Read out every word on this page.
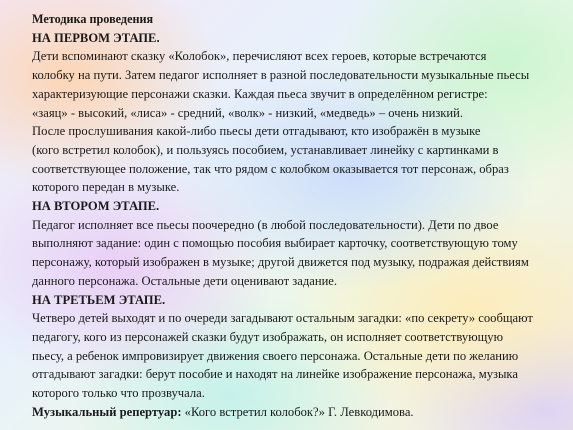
Методика проведения
НА ПЕРВОМ ЭТАПЕ.
Дети вспоминают сказку «Колобок», перечисляют всех героев, которые встречаются
колобку на пути. Затем педагог исполняет в разной последовательности музыкальные пьесы
характеризующие персонажи сказки. Каждая пьеса звучит в определённом регистре:
«заяц» - высокий, «лиса» - средний, «волк» - низкий, «медведь» – очень низкий.
После прослушивания какой-либо пьесы дети отгадывают, кто изображён в музыке
(кого встретил колобок), и пользуясь пособием, устанавливает линейку с картинками в
соответствующее положение, так что рядом с колобком оказывается тот персонаж, образ
которого передан в музыке.
НА ВТОРОМ ЭТАПЕ.
Педагог исполняет все пьесы поочередно (в любой последовательности). Дети по двое
выполняют задание: один с помощью пособия выбирает карточку, соответствующую тому
персонажу, который изображен в музыке; другой движется под музыку, подражая действиям
данного персонажа. Остальные дети оценивают задание.
НА ТРЕТЬЕМ ЭТАПЕ.
Четверо детей выходят и по очереди загадывают остальным загадки: «по секрету» сообщают
педагогу, кого из персонажей сказки будут изображать, он исполняет соответствующую
пьесу, а ребенок импровизирует движения своего персонажа. Остальные дети по желанию
отгадывают загадки: берут пособие и находят на линейке изображение персонажа, музыка
которого только что прозвучала.
Музыкальный репертуар: «Кого встретил колобок?» Г. Левкодимова.
